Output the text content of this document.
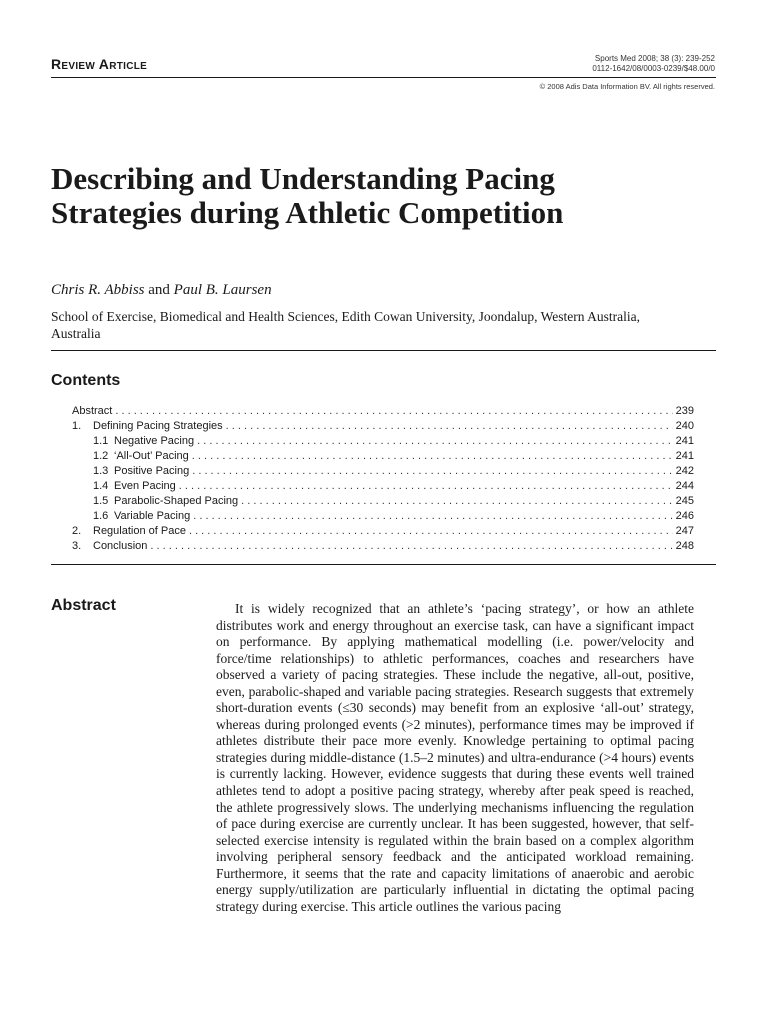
Review Article	Sports Med 2008; 38 (3): 239-252
0112-1642/08/0003-0239/$48.00/0
© 2008 Adis Data Information BV. All rights reserved.
Describing and Understanding Pacing Strategies during Athletic Competition
Chris R. Abbiss and Paul B. Laursen
School of Exercise, Biomedical and Health Sciences, Edith Cowan University, Joondalup, Western Australia, Australia
Contents
Abstract . . .	239
1.	Defining Pacing Strategies . . .	240
1.1 Negative Pacing . . .	241
1.2 ‘All-Out’ Pacing . . .	241
1.3 Positive Pacing . . .	242
1.4 Even Pacing . . .	244
1.5 Parabolic-Shaped Pacing . . .	245
1.6 Variable Pacing . . .	246
2.	Regulation of Pace . . .	247
3.	Conclusion . . .	248
Abstract	It is widely recognized that an athlete’s ‘pacing strategy’, or how an athlete distributes work and energy throughout an exercise task, can have a significant impact on performance. By applying mathematical modelling (i.e. power/velocity and force/time relationships) to athletic performances, coaches and researchers have observed a variety of pacing strategies. These include the negative, all-out, positive, even, parabolic-shaped and variable pacing strategies. Research suggests that extremely short-duration events (≤30 seconds) may benefit from an explosive ‘all-out’ strategy, whereas during prolonged events (>2 minutes), performance times may be improved if athletes distribute their pace more evenly. Knowledge pertaining to optimal pacing strategies during middle-distance (1.5–2 minutes) and ultra-endurance (>4 hours) events is currently lacking. However, evidence suggests that during these events well trained athletes tend to adopt a positive pacing strategy, whereby after peak speed is reached, the athlete progressively slows. The underlying mechanisms influencing the regulation of pace during exercise are currently unclear. It has been suggested, however, that self-selected exercise intensity is regulated within the brain based on a complex algorithm involving peripheral sensory feedback and the anticipated workload remaining. Furthermore, it seems that the rate and capacity limitations of anaerobic and aerobic energy supply/utilization are particularly influential in dictating the optimal pacing strategy during exercise. This article outlines the various pacing
